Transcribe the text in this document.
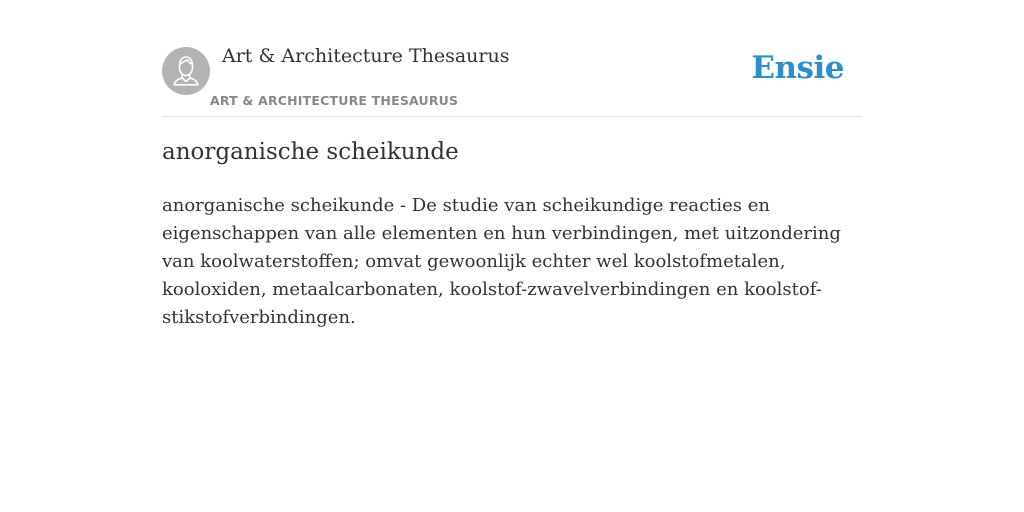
Art & Architecture Thesaurus
ART & ARCHITECTURE THESAURUS
Ensie
anorganische scheikunde

anorganische scheikunde - De studie van scheikundige reacties en eigenschappen van alle elementen en hun verbindingen, met uitzondering van koolwaterstoffen; omvat gewoonlijk echter wel koolstofmetalen, kooloxiden, metaalcarbonaten, koolstof-zwavelverbindingen en koolstof-stikstofverbindingen.
